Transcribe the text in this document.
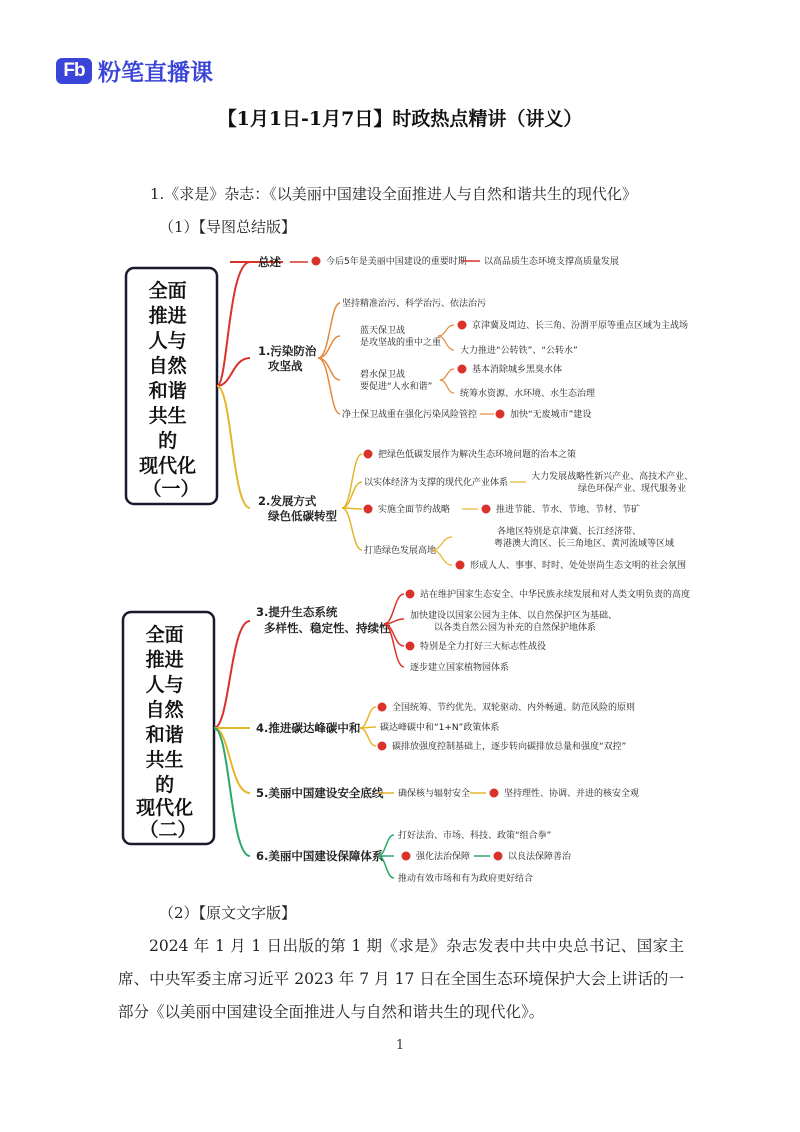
Fb 粉笔直播课
【1月1日-1月7日】时政热点精讲（讲义）
1.《求是》杂志：《以美丽中国建设全面推进人与自然和谐共生的现代化》
（1）【导图总结版】
全面 推进 人与 自然 和谐 共生 的 现代化 （一）
总述	今后5年是美丽中国建设的重要时期 以高品质生态环境支撑高质量发展
1.污染防治 攻坚战
坚持精准治污、科学治污、依法治污
蓝天保卫战 是攻坚战的重中之重
京津冀及周边、长三角、汾渭平原等重点区域为主战场
大力推进“公转铁”、“公转水”
碧水保卫战 要促进“人水和谐”
基本消除城乡黑臭水体
统筹水资源、水环境、水生态治理
净土保卫战重在强化污染风险管控	加快“无废城市”建设
2.发展方式 绿色低碳转型
把绿色低碳发展作为解决生态环境问题的治本之策
以实体经济为支撑的现代化产业体系
大力发展战略性新兴产业、高技术产业、 绿色环保产业、现代服务业
实施全面节约战略	推进节能、节水、节地、节材、节矿
打造绿色发展高地
各地区特别是京津冀、长江经济带、 粤港澳大湾区、长三角地区、黄河流域等区域
形成人人、事事、时时、处处崇尚生态文明的社会氛围
全面 推进 人与 自然 和谐 共生 的 现代化 （二）
3.提升生态系统 多样性、稳定性、持续性
站在维护国家生态安全、中华民族永续发展和对人类文明负责的高度
加快建设以国家公园为主体、以自然保护区为基础、 以各类自然公园为补充的自然保护地体系
特别是全力打好三大标志性战役
逐步建立国家植物园体系
4.推进碳达峰碳中和
全国统筹、节约优先、双轮驱动、内外畅通、防范风险的原则
碳达峰碳中和“1+N”政策体系
碳排放强度控制基础上，逐步转向碳排放总量和强度“双控”
5.美丽中国建设安全底线 确保核与辐射安全	坚持理性、协调、并进的核安全观
6.美丽中国建设保障体系
打好法治、市场、科技、政策“组合拳”
强化法治保障	以良法保障善治
推动有效市场和有为政府更好结合
（2）【原文文字版】
2024 年 1 月 1 日出版的第 1 期《求是》杂志发表中共中央总书记、国家主席、中央军委主席习近平 2023 年 7 月 17 日在全国生态环境保护大会上讲话的一部分《以美丽中国建设全面推进人与自然和谐共生的现代化》。
1
